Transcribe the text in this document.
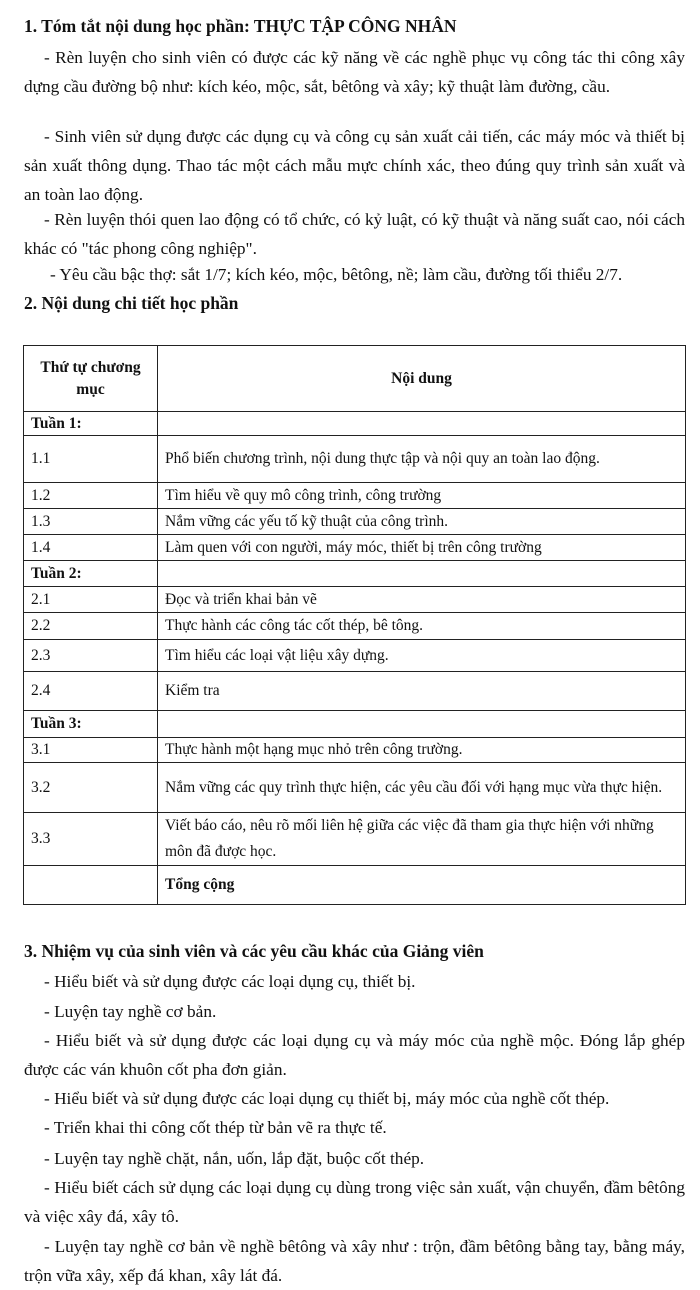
1. Tóm tắt nội dung học phần: THỰC TẬP CÔNG NHÂN
- Rèn luyện cho sinh viên có được các kỹ năng về các nghề phục vụ công tác thi công xây dựng cầu đường bộ như: kích kéo, mộc, sắt, bêtông và xây; kỹ thuật làm đường, cầu.
- Sinh viên sử dụng được các dụng cụ và công cụ sản xuất cải tiến, các máy móc và thiết bị sản xuất thông dụng. Thao tác một cách mẫu mực chính xác, theo đúng quy trình sản xuất và an toàn lao động.
- Rèn luyện thói quen lao động có tổ chức, có kỷ luật, có kỹ thuật và năng suất cao, nói cách khác có "tác phong công nghiệp".
- Yêu cầu bậc thợ: sắt 1/7; kích kéo, mộc, bêtông, nề; làm cầu, đường tối thiểu 2/7.
2. Nội dung chi tiết học phần
Thứ tự chương mục	Nội dung
Tuần 1:	
1.1	Phổ biến chương trình, nội dung thực tập và nội quy an toàn lao động.
1.2	Tìm hiểu về quy mô công trình, công trường
1.3	Nắm vững các yếu tố kỹ thuật của công trình.
1.4	Làm quen với con người, máy móc, thiết bị trên công trường
Tuần 2:	
2.1	Đọc và triển khai bản vẽ
2.2	Thực hành các công tác cốt thép, bê tông.
2.3	Tìm hiểu các loại vật liệu xây dựng.
2.4	Kiểm tra
Tuần 3:	
3.1	Thực hành một hạng mục nhỏ trên công trường.
3.2	Nắm vững các quy trình thực hiện, các yêu cầu đối với hạng mục vừa thực hiện.
3.3	Viết báo cáo, nêu rõ mối liên hệ giữa các việc đã tham gia thực hiện với những môn đã được học.
	Tổng cộng
3. Nhiệm vụ của sinh viên và các yêu cầu khác của Giảng viên
- Hiểu biết và sử dụng được các loại dụng cụ, thiết bị.
- Luyện tay nghề cơ bản.
- Hiểu biết và sử dụng được các loại dụng cụ và máy móc của nghề mộc. Đóng lắp ghép được các ván khuôn cốt pha đơn giản.
- Hiểu biết và sử dụng được các loại dụng cụ thiết bị, máy móc của nghề cốt thép.
- Triển khai thi công cốt thép từ bản vẽ ra thực tế.
- Luyện tay nghề chặt, nắn, uốn, lắp đặt, buộc cốt thép.
- Hiểu biết cách sử dụng các loại dụng cụ dùng trong việc sản xuất, vận chuyển, đầm bêtông và việc xây đá, xây tô.
- Luyện tay nghề cơ bản về nghề bêtông và xây như : trộn, đầm bêtông bằng tay, bằng máy, trộn vữa xây, xếp đá khan, xây lát đá.
